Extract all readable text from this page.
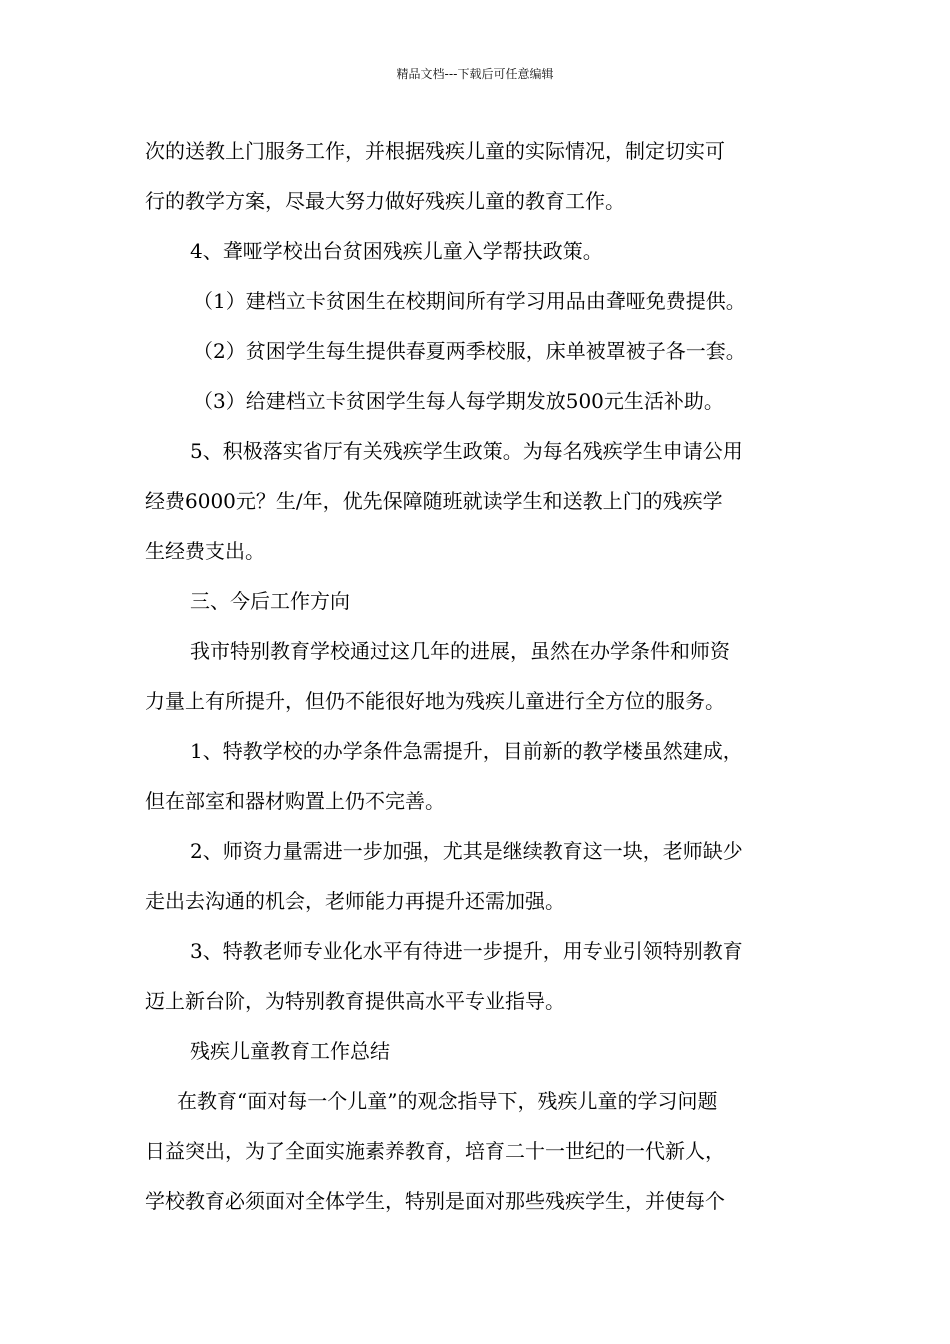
精品文档---下载后可任意编辑
次的送教上门服务工作，并根据残疾儿童的实际情况，制定切实可
行的教学方案，尽最大努力做好残疾儿童的教育工作。
4、聋哑学校出台贫困残疾儿童入学帮扶政策。
（1）建档立卡贫困生在校期间所有学习用品由聋哑免费提供。
（2）贫困学生每生提供春夏两季校服，床单被罩被子各一套。
（3）给建档立卡贫困学生每人每学期发放500元生活补助。
5、积极落实省厅有关残疾学生政策。为每名残疾学生申请公用
经费6000元？生/年，优先保障随班就读学生和送教上门的残疾学
生经费支出。
三、今后工作方向
我市特别教育学校通过这几年的进展，虽然在办学条件和师资
力量上有所提升，但仍不能很好地为残疾儿童进行全方位的服务。
1、特教学校的办学条件急需提升，目前新的教学楼虽然建成，
但在部室和器材购置上仍不完善。
2、师资力量需进一步加强，尤其是继续教育这一块，老师缺少
走出去沟通的机会，老师能力再提升还需加强。
3、特教老师专业化水平有待进一步提升，用专业引领特别教育
迈上新台阶，为特别教育提供高水平专业指导。
残疾儿童教育工作总结
在教育“面对每一个儿童”的观念指导下，残疾儿童的学习问题
日益突出，为了全面实施素养教育，培育二十一世纪的一代新人，
学校教育必须面对全体学生，特别是面对那些残疾学生，并使每个
